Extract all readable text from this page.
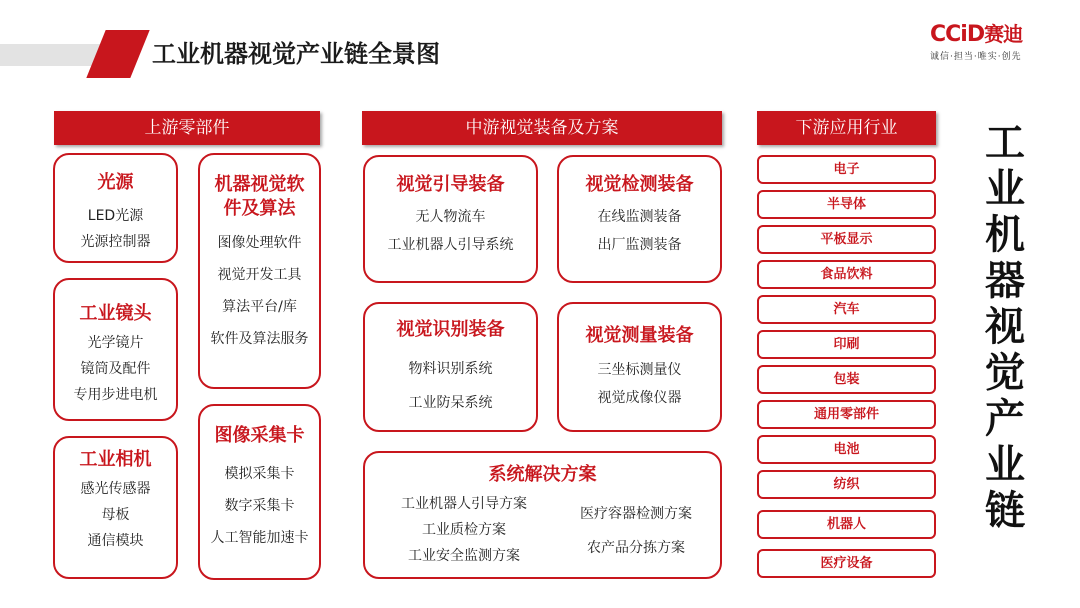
工业机器视觉产业链全景图
CCiD赛迪
诚信·担当·唯实·创先
上游零部件
光源
LED光源
光源控制器
工业镜头
光学镜片
镜筒及配件
专用步进电机
工业相机
感光传感器
母板
通信模块
机器视觉软
件及算法
图像处理软件
视觉开发工具
算法平台/库
软件及算法服务
图像采集卡
模拟采集卡
数字采集卡
人工智能加速卡
中游视觉装备及方案
视觉引导装备
无人物流车
工业机器人引导系统
视觉检测装备
在线监测装备
出厂监测装备
视觉识别装备
物料识别系统
工业防呆系统
视觉测量装备
三坐标测量仪
视觉成像仪器
系统解决方案
工业机器人引导方案
工业质检方案
工业安全监测方案
医疗容器检测方案
农产品分拣方案
下游应用行业
电子
半导体
平板显示
食品饮料
汽车
印刷
包装
通用零部件
电池
纺织
机器人
医疗设备
工
业
机
器
视
觉
产
业
链
